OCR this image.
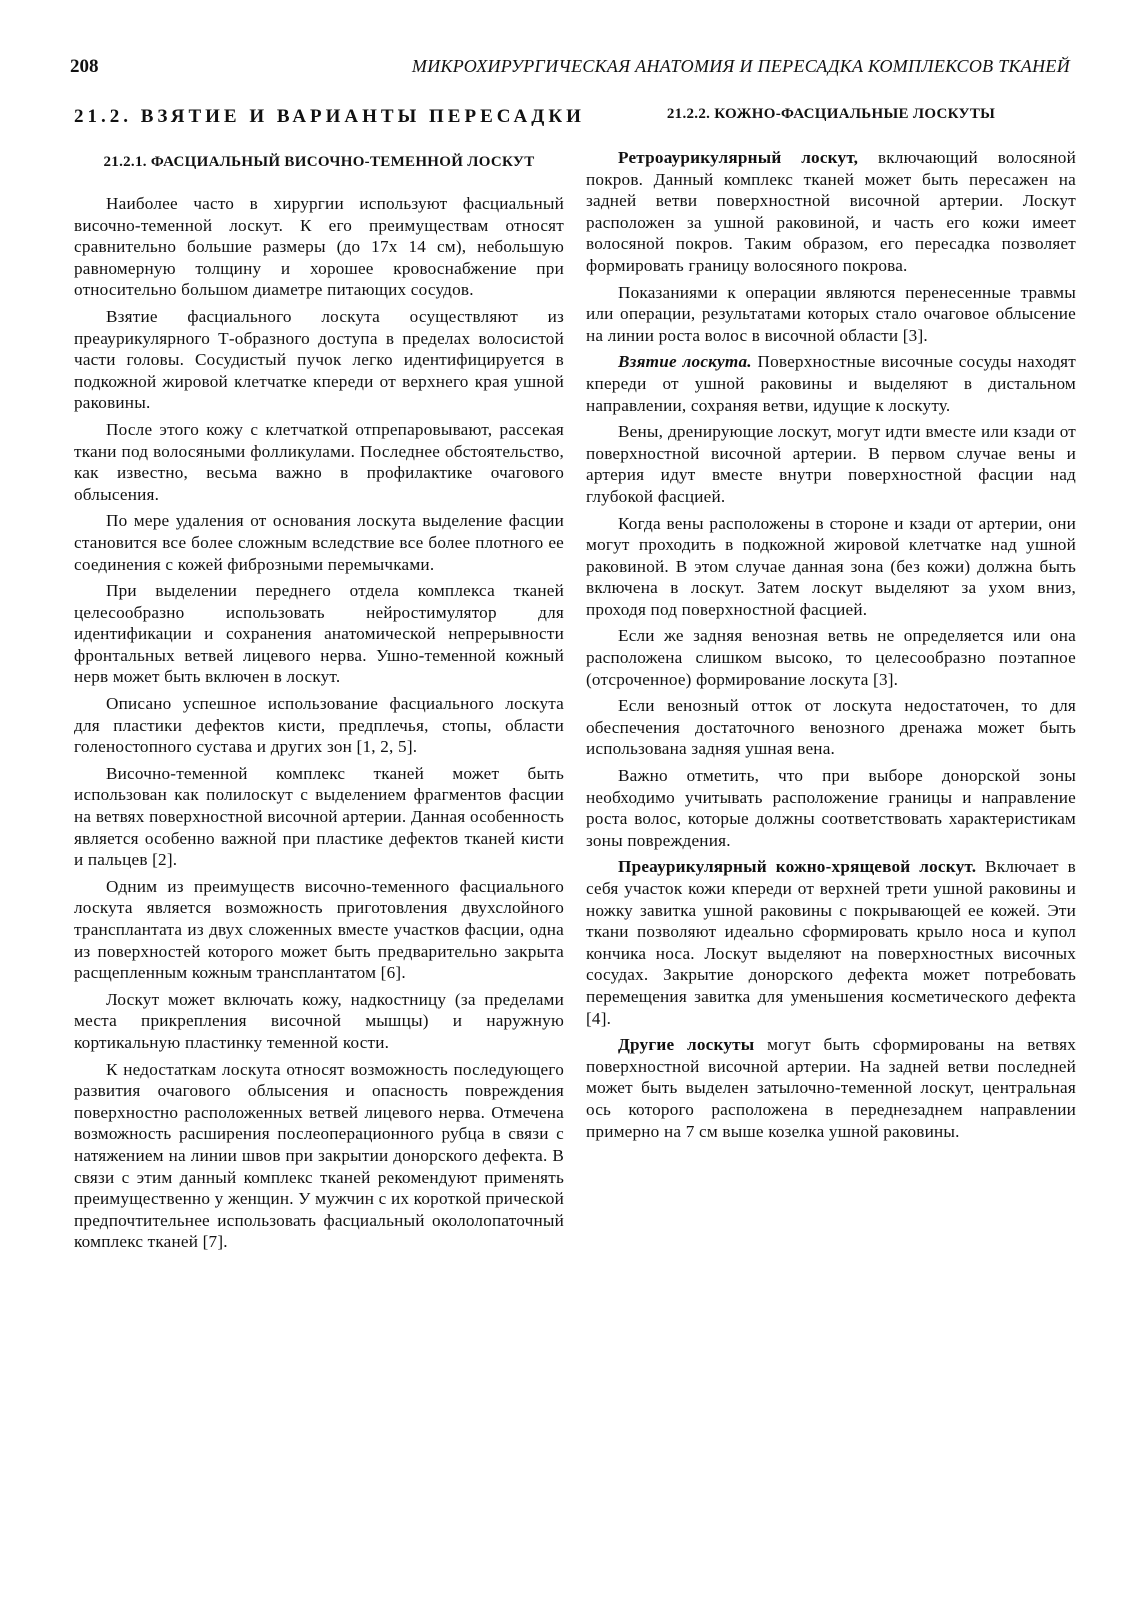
208	МИКРОХИРУРГИЧЕСКАЯ АНАТОМИЯ И ПЕРЕСАДКА КОМПЛЕКСОВ ТКАНЕЙ
21.2. ВЗЯТИЕ И ВАРИАНТЫ ПЕРЕСАДКИ
21.2.1. ФАСЦИАЛЬНЫЙ ВИСОЧНО-ТЕМЕННОЙ ЛОСКУТ

Наиболее часто в хирургии используют фасциальный височно-теменной лоскут. К его преимуществам относят сравнительно большие размеры (до 17x 14 см), небольшую равномерную толщину и хорошее кровоснабжение при относительно большом диаметре питающих сосудов.

Взятие фасциального лоскута осуществляют из преаурикулярного Т-образного доступа в пределах волосистой части головы. Сосудистый пучок легко идентифицируется в подкожной жировой клетчатке кпереди от верхнего края ушной раковины.

После этого кожу с клетчаткой отпрепаровывают, рассекая ткани под волосяными фолликулами. Последнее обстоятельство, как известно, весьма важно в профилактике очагового облысения.

По мере удаления от основания лоскута выделение фасции становится все более сложным вследствие все более плотного ее соединения с кожей фиброзными перемычками.

При выделении переднего отдела комплекса тканей целесообразно использовать нейростимулятор для идентификации и сохранения анатомической непрерывности фронтальных ветвей лицевого нерва. Ушно-теменной кожный нерв может быть включен в лоскут.

Описано успешное использование фасциального лоскута для пластики дефектов кисти, предплечья, стопы, области голеностопного сустава и других зон [1, 2, 5].

Височно-теменной комплекс тканей может быть использован как полилоскут с выделением фрагментов фасции на ветвях поверхностной височной артерии. Данная особенность является особенно важной при пластике дефектов тканей кисти и пальцев [2].

Одним из преимуществ височно-теменного фасциального лоскута является возможность приготовления двухслойного трансплантата из двух сложенных вместе участков фасции, одна из поверхностей которого может быть предварительно закрыта расщепленным кожным трансплантатом [6].

Лоскут может включать кожу, надкостницу (за пределами места прикрепления височной мышцы) и наружную кортикальную пластинку теменной кости.

К недостаткам лоскута относят возможность последующего развития очагового облысения и опасность повреждения поверхностно расположенных ветвей лицевого нерва. Отмечена возможность расширения послеоперационного рубца в связи с натяжением на линии швов при закрытии донорского дефекта. В связи с этим данный комплекс тканей рекомендуют применять преимущественно у женщин. У мужчин с их короткой прической предпочтительнее использовать фасциальный окололопаточный комплекс тканей [7].

21.2.2. КОЖНО-ФАСЦИАЛЬНЫЕ ЛОСКУТЫ

Ретроаурикулярный лоскут, включающий волосяной покров. Данный комплекс тканей может быть пересажен на задней ветви поверхностной височной артерии. Лоскут расположен за ушной раковиной, и часть его кожи имеет волосяной покров. Таким образом, его пересадка позволяет формировать границу волосяного покрова.

Показаниями к операции являются перенесенные травмы или операции, результатами которых стало очаговое облысение на линии роста волос в височной области [3].

Взятие лоскута. Поверхностные височные сосуды находят кпереди от ушной раковины и выделяют в дистальном направлении, сохраняя ветви, идущие к лоскуту.

Вены, дренирующие лоскут, могут идти вместе или кзади от поверхностной височной артерии. В первом случае вены и артерия идут вместе внутри поверхностной фасции над глубокой фасцией.

Когда вены расположены в стороне и кзади от артерии, они могут проходить в подкожной жировой клетчатке над ушной раковиной. В этом случае данная зона (без кожи) должна быть включена в лоскут. Затем лоскут выделяют за ухом вниз, проходя под поверхностной фасцией.

Если же задняя венозная ветвь не определяется или она расположена слишком высоко, то целесообразно поэтапное (отсроченное) формирование лоскута [3].

Если венозный отток от лоскута недостаточен, то для обеспечения достаточного венозного дренажа может быть использована задняя ушная вена.

Важно отметить, что при выборе донорской зоны необходимо учитывать расположение границы и направление роста волос, которые должны соответствовать характеристикам зоны повреждения.

Преаурикулярный кожно-хрящевой лоскут. Включает в себя участок кожи кпереди от верхней трети ушной раковины и ножку завитка ушной раковины с покрывающей ее кожей. Эти ткани позволяют идеально сформировать крыло носа и купол кончика носа. Лоскут выделяют на поверхностных височных сосудах. Закрытие донорского дефекта может потребовать перемещения завитка для уменьшения косметического дефекта [4].

Другие лоскуты могут быть сформированы на ветвях поверхностной височной артерии. На задней ветви последней может быть выделен затылочно-теменной лоскут, центральная ось которого расположена в переднезаднем направлении примерно на 7 см выше козелка ушной раковины.
